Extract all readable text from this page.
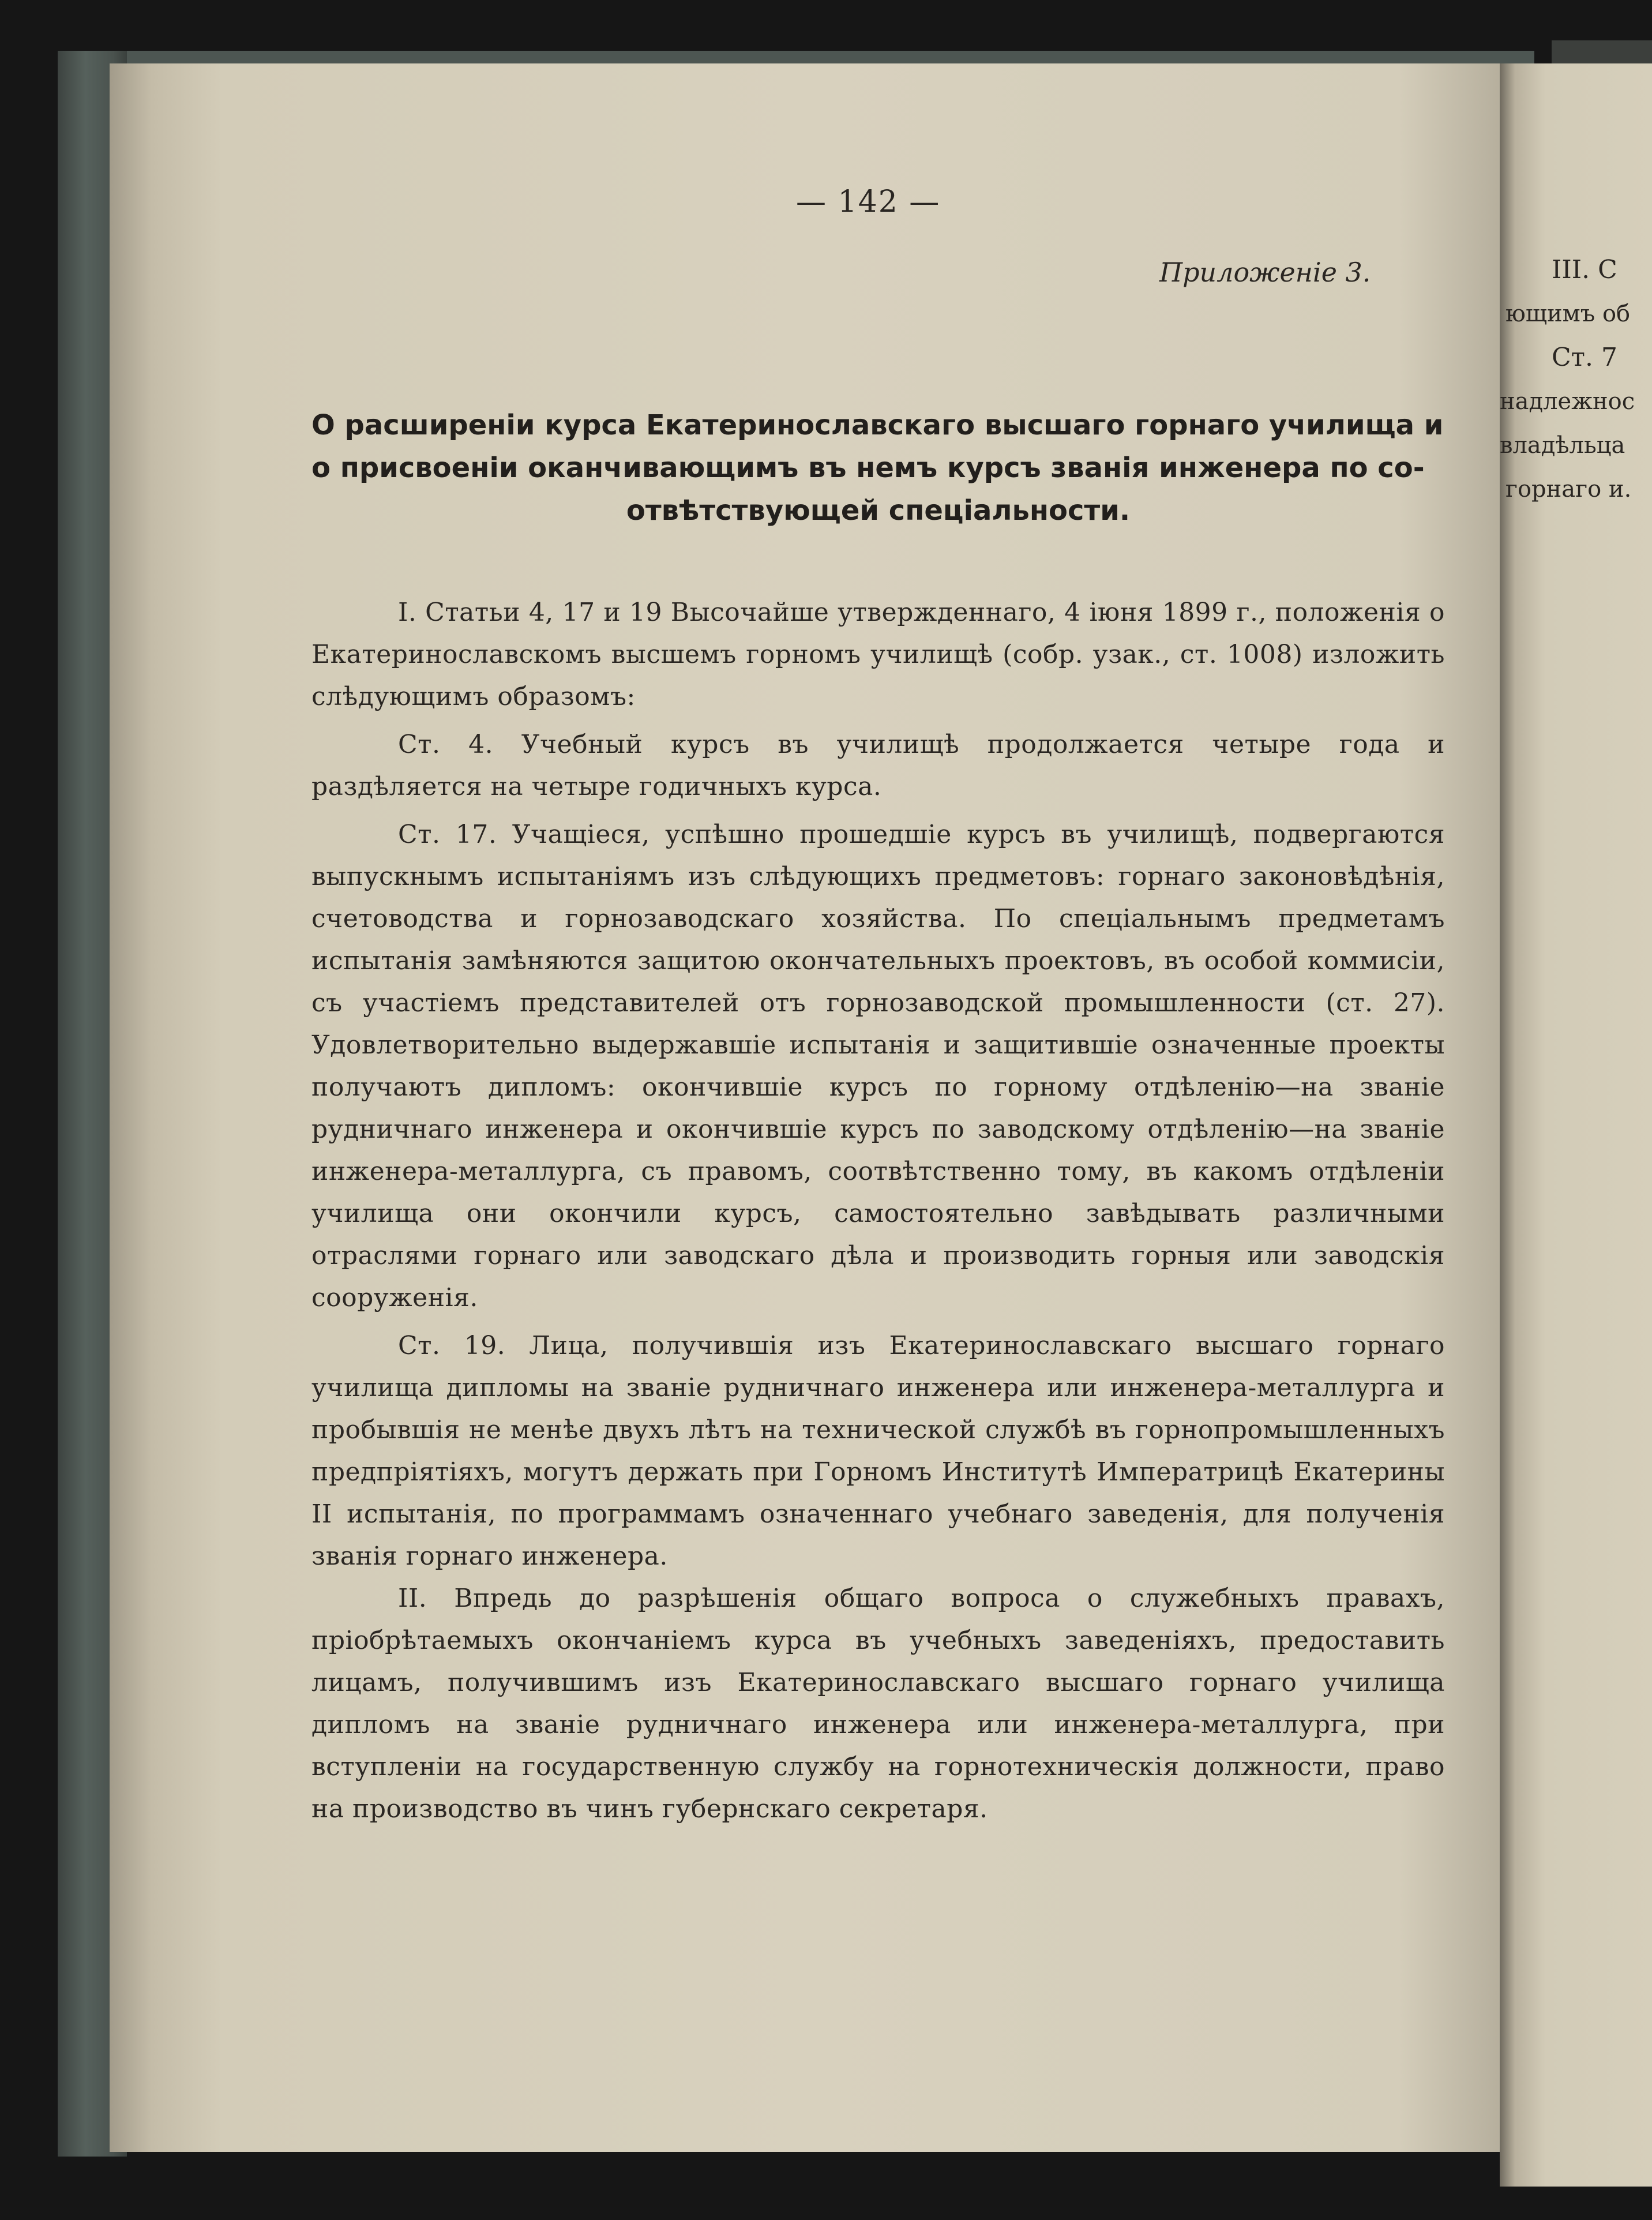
— 142 —
Приложеніе 3.
О расширеніи курса Екатеринославскаго высшаго горнаго училища и
о присвоеніи оканчивающимъ въ немъ курсъ званія инженера по со-
отвѣтствующей спеціальности.

I. Статьи 4, 17 и 19 Высочайше утвержденнаго, 4 іюня 1899 г., положенія о Екатеринославскомъ высшемъ горномъ училищѣ (собр. узак., ст. 1008) изложить слѣдующимъ образомъ:

Ст. 4. Учебный курсъ въ училищѣ продолжается четыре года и раздѣляется на четыре годичныхъ курса.

Ст. 17. Учащіеся, успѣшно прошедшіе курсъ въ училищѣ, подвергаются выпускнымъ испытаніямъ изъ слѣдующихъ предметовъ: горнаго законовѣдѣнія, счетоводства и горнозаводскаго хозяйства. По спеціальнымъ предметамъ испытанія замѣняются защитою окончательныхъ проектовъ, въ особой коммисіи, съ участіемъ представителей отъ горнозаводской промышленности (ст. 27). Удовлетворительно выдержавшіе испытанія и защитившіе означенные проекты получаютъ дипломъ: окончившіе курсъ по горному отдѣленію—на званіе рудничнаго инженера и окончившіе курсъ по заводскому отдѣленію—на званіе инженера-металлурга, съ правомъ, соотвѣтственно тому, въ какомъ отдѣленіи училища они окончили курсъ, самостоятельно завѣдывать различными отраслями горнаго или заводскаго дѣла и производить горныя или заводскія сооруженія.

Ст. 19. Лица, получившія изъ Екатеринославскаго высшаго горнаго училища дипломы на званіе рудничнаго инженера или инженера-металлурга и пробывшія не менѣе двухъ лѣтъ на технической службѣ въ горнопромышленныхъ предпріятіяхъ, могутъ держать при Горномъ Институтѣ Императрицѣ Екатерины II испытанія, по программамъ означеннаго учебнаго заведенія, для полученія званія горнаго инженера.

II. Впредь до разрѣшенія общаго вопроса о служебныхъ правахъ, пріобрѣтаемыхъ окончаніемъ курса въ учебныхъ заведеніяхъ, предоставить лицамъ, получившимъ изъ Екатеринославскаго высшаго горнаго училища дипломъ на званіе рудничнаго инженера или инженера-металлурга, при вступленіи на государственную службу на горнотехническія должности, право на производство въ чинъ губернскаго секретаря.

III. С
ющимъ об
Ст. 7
надлежнос
владѣльца
горнаго и.
